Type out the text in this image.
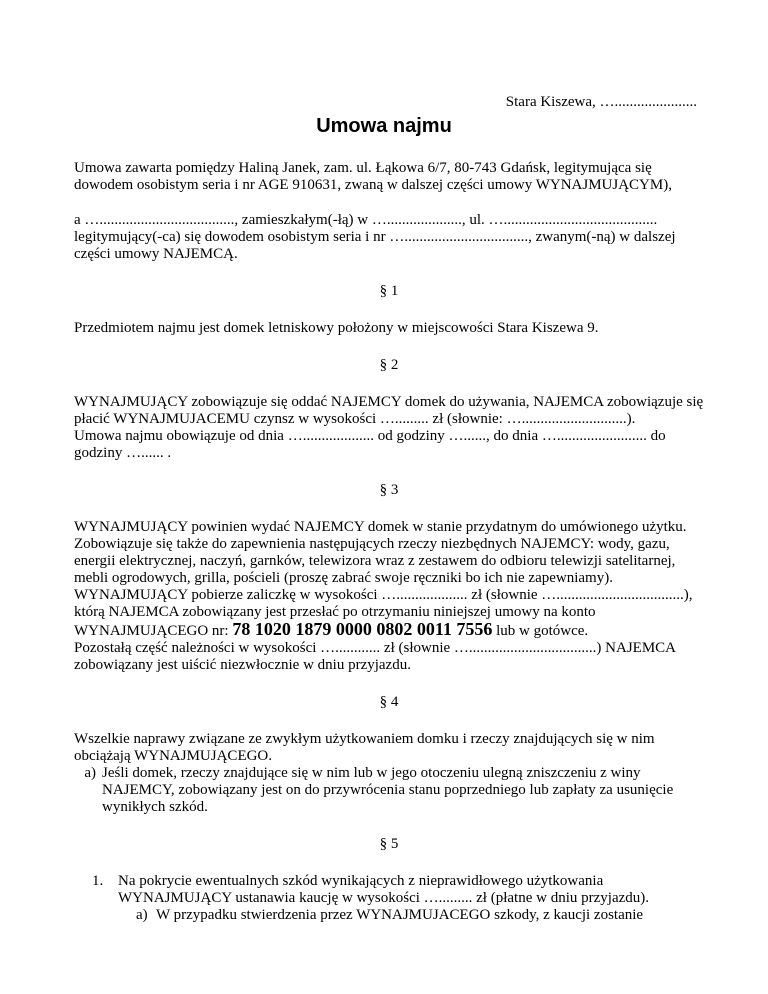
Stara Kiszewa, …......................
Umowa najmu

Umowa zawarta pomiędzy Haliną Janek, zam. ul. Łąkowa 6/7, 80-743 Gdańsk, legitymująca się dowodem osobistym seria i nr AGE 910631, zwaną w dalszej części umowy WYNAJMUJĄCYM),

a …...................................., zamieszkałym(-łą) w …...................., ul. …......................................... legitymujący(-ca) się dowodem osobistym seria i nr …................................., zwanym(-ną) w dalszej części umowy NAJEMCĄ.

§ 1

Przedmiotem najmu jest domek letniskowy położony w miejscowości Stara Kiszewa 9.

§ 2

WYNAJMUJĄCY zobowiązuje się oddać NAJEMCY domek do używania, NAJEMCA zobowiązuje się płacić WYNAJMUJACEMU czynsz w wysokości …......... zł (słownie: …............................).

Umowa najmu obowiązuje od dnia …................... od godziny …......, do dnia …........................ do godziny …...... .

§ 3

WYNAJMUJĄCY powinien wydać NAJEMCY domek w stanie przydatnym do umówionego użytku.

Zobowiązuje się także do zapewnienia następujących rzeczy niezbędnych NAJEMCY: wody, gazu, energii elektrycznej, naczyń, garnków, telewizora wraz z zestawem do odbioru telewizji satelitarnej, mebli ogrodowych, grilla, pościeli (proszę zabrać swoje ręczniki bo ich nie zapewniamy).

WYNAJMUJĄCY pobierze zaliczkę w wysokości …................... zł (słownie …..................................), którą NAJEMCA zobowiązany jest przesłać po otrzymaniu niniejszej umowy na konto WYNAJMUJĄCEGO nr: 78 1020 1879 0000 0802 0011 7556 lub w gotówce.

Pozostałą część należności w wysokości …............ zł (słownie …..................................) NAJEMCA zobowiązany jest uiścić niezwłocznie w dniu przyjazdu.

§ 4

Wszelkie naprawy związane ze zwykłym użytkowaniem domku i rzeczy znajdujących się w nim obciążają WYNAJMUJĄCEGO.

a) Jeśli domek, rzeczy znajdujące się w nim lub w jego otoczeniu ulegną zniszczeniu z winy NAJEMCY, zobowiązany jest on do przywrócenia stanu poprzedniego lub zapłaty za usunięcie wynikłych szkód.

§ 5

1. Na pokrycie ewentualnych szkód wynikających z nieprawidłowego użytkowania WYNAJMUJĄCY ustanawia kaucję w wysokości …......... zł (płatne w dniu przyjazdu).
a) W przypadku stwierdzenia przez WYNAJMUJACEGO szkody, z kaucji zostanie
